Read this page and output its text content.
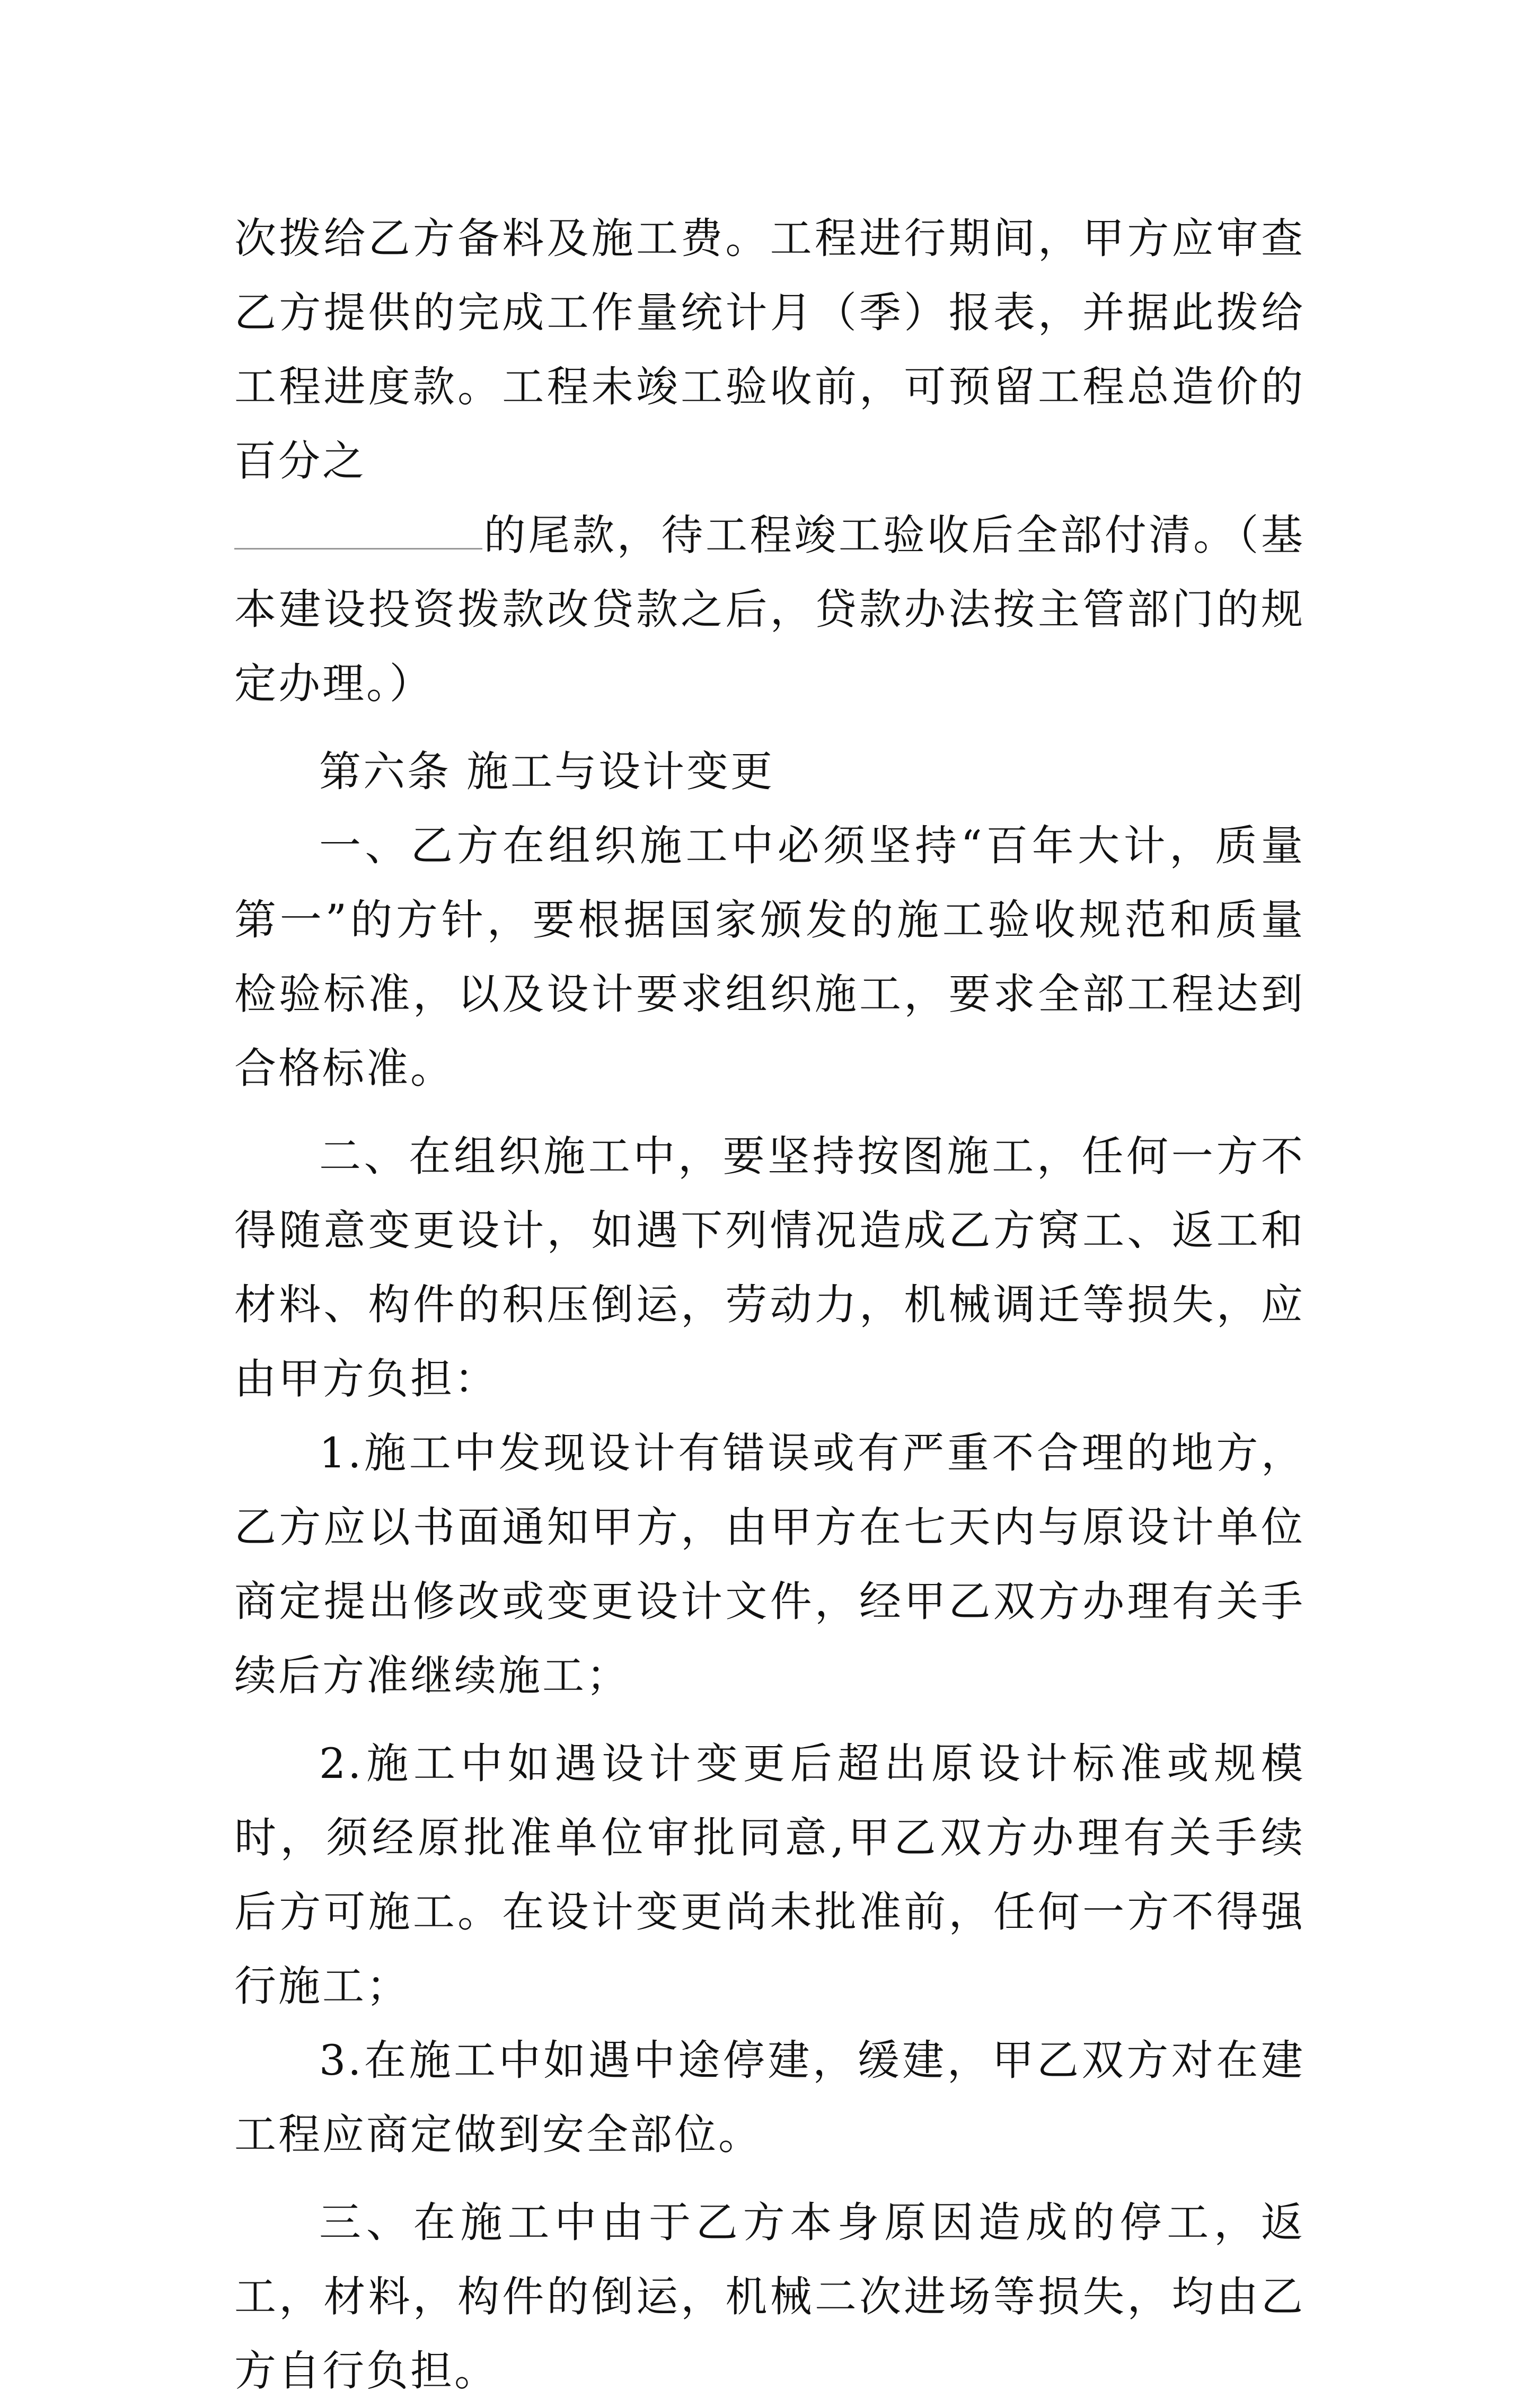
次拨给乙方备料及施工费。工程进行期间，甲方应审查乙方提供的完成工作量统计月（季）报表，并据此拨给工程进度款。工程未竣工验收前，可预留工程总造价的百分之
的尾款，待工程竣工验收后全部付清。（基本建设投资拨款改贷款之后，贷款办法按主管部门的规定办理。）

第六条 施工与设计变更

一、乙方在组织施工中必须坚持“百年大计，质量第一”的方针，要根据国家颁发的施工验收规范和质量检验标准，以及设计要求组织施工，要求全部工程达到合格标准。

二、在组织施工中，要坚持按图施工，任何一方不得随意变更设计，如遇下列情况造成乙方窝工、返工和材料、构件的积压倒运，劳动力，机械调迁等损失，应由甲方负担：

1.施工中发现设计有错误或有严重不合理的地方，乙方应以书面通知甲方，由甲方在七天内与原设计单位商定提出修改或变更设计文件，经甲乙双方办理有关手续后方准继续施工；

2.施工中如遇设计变更后超出原设计标准或规模时，须经原批准单位审批同意,甲乙双方办理有关手续后方可施工。在设计变更尚未批准前，任何一方不得强行施工；

3.在施工中如遇中途停建，缓建，甲乙双方对在建工程应商定做到安全部位。

三、在施工中由于乙方本身原因造成的停工，返工，材料，构件的倒运，机械二次进场等损失，均由乙方自行负担。
